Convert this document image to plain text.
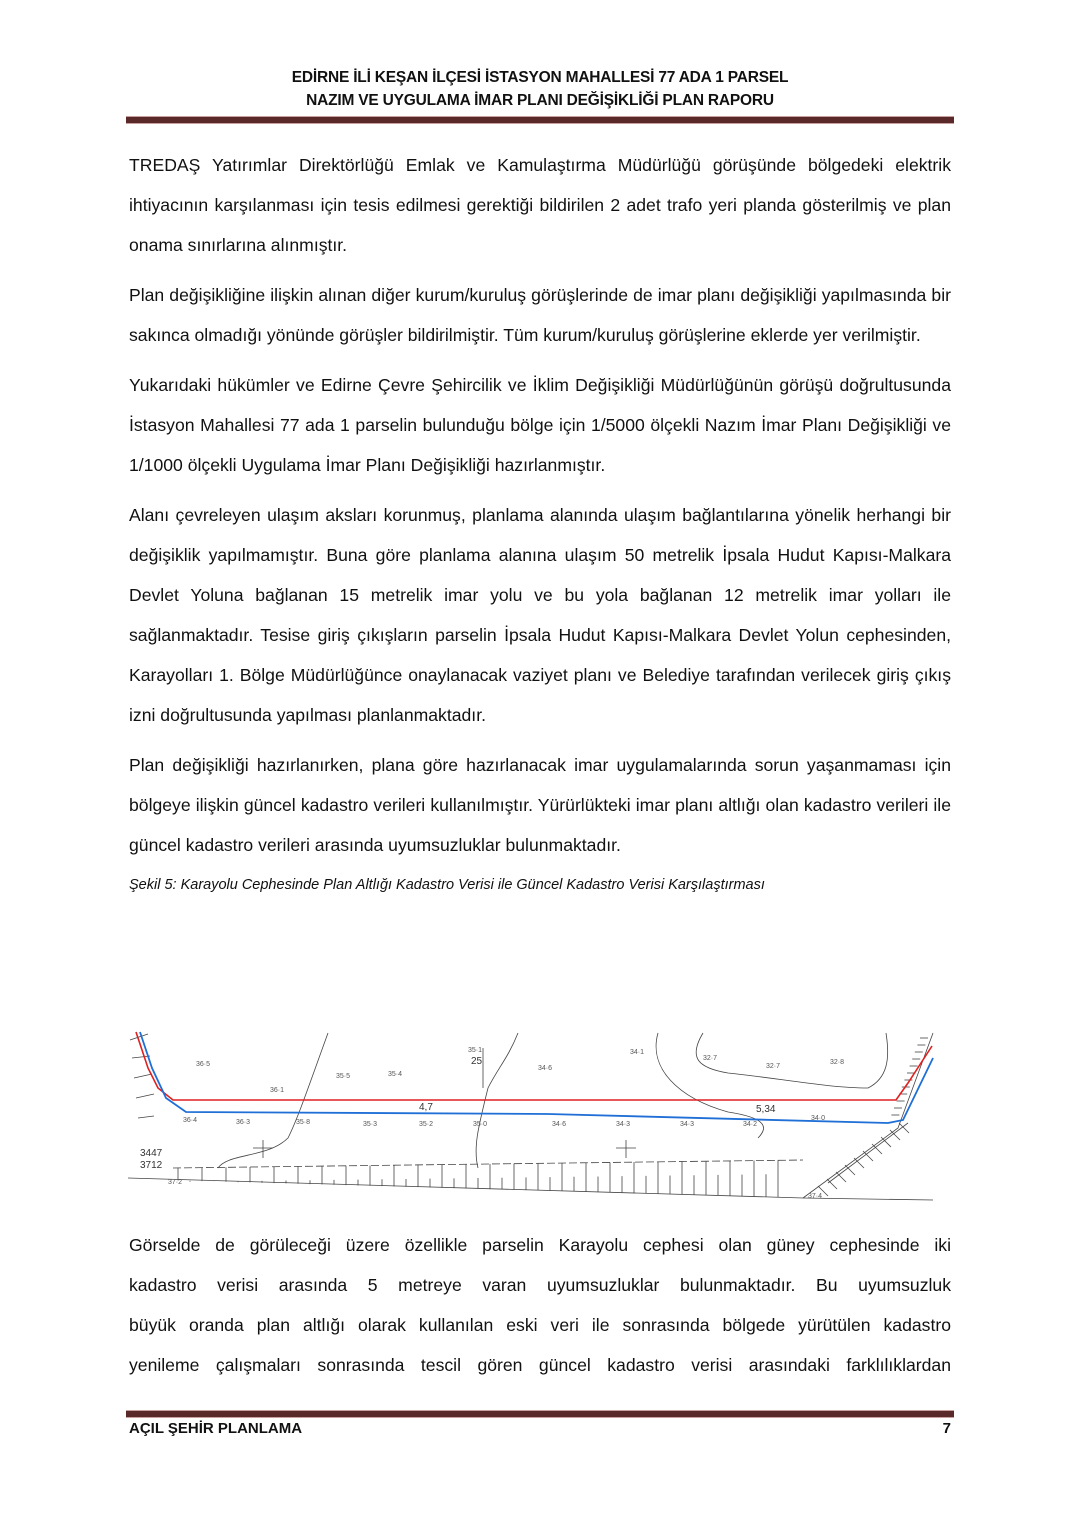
EDİRNE İLİ KEŞAN İLÇESİ İSTASYON MAHALLESİ 77 ADA 1 PARSEL
NAZIM VE UYGULAMA İMAR PLANI DEĞİŞİKLİĞİ PLAN RAPORU

TREDAŞ Yatırımlar Direktörlüğü Emlak ve Kamulaştırma Müdürlüğü görüşünde bölgedeki elektrik ihtiyacının karşılanması için tesis edilmesi gerektiği bildirilen 2 adet trafo yeri planda gösterilmiş ve plan onama sınırlarına alınmıştır.

Plan değişikliğine ilişkin alınan diğer kurum/kuruluş görüşlerinde de imar planı değişikliği yapılmasında bir sakınca olmadığı yönünde görüşler bildirilmiştir. Tüm kurum/kuruluş görüşlerine eklerde yer verilmiştir.

Yukarıdaki hükümler ve Edirne Çevre Şehircilik ve İklim Değişikliği Müdürlüğünün görüşü doğrultusunda İstasyon Mahallesi 77 ada 1 parselin bulunduğu bölge için 1/5000 ölçekli Nazım İmar Planı Değişikliği ve 1/1000 ölçekli Uygulama İmar Planı Değişikliği hazırlanmıştır.

Alanı çevreleyen ulaşım aksları korunmuş, planlama alanında ulaşım bağlantılarına yönelik herhangi bir değişiklik yapılmamıştır. Buna göre planlama alanına ulaşım 50 metrelik İpsala Hudut Kapısı-Malkara Devlet Yoluna bağlanan 15 metrelik imar yolu ve bu yola bağlanan 12 metrelik imar yolları ile sağlanmaktadır. Tesise giriş çıkışların parselin İpsala Hudut Kapısı-Malkara Devlet Yolun cephesinden, Karayolları 1. Bölge Müdürlüğünce onaylanacak vaziyet planı ve Belediye tarafından verilecek giriş çıkış izni doğrultusunda yapılması planlanmaktadır.

Plan değişikliği hazırlanırken, plana göre hazırlanacak imar uygulamalarında sorun yaşanmaması için bölgeye ilişkin güncel kadastro verileri kullanılmıştır. Yürürlükteki imar planı altlığı olan kadastro verileri ile güncel kadastro verileri arasında uyumsuzluklar bulunmaktadır.

Şekil 5: Karayolu Cephesinde Plan Altlığı Kadastro Verisi ile Güncel Kadastro Verisi Karşılaştırması

36·5
35·5	35·4
36·1
25
35·1
34·6
34·1
32·7
32·7
32·8
36·4	36·3	35·8	35·3	35·2	35·0	34·6	34·3	34·3	34·2
34·0
4,7	5,34
3447
3712
37·2
37·4

Görselde de görüleceği üzere özellikle parselin Karayolu cephesi olan güney cephesinde iki

kadastro verisi arasında 5 metreye varan uyumsuzluklar bulunmaktadır. Bu uyumsuzluk

büyük oranda plan altlığı olarak kullanılan eski veri ile sonrasında bölgede yürütülen kadastro

yenileme çalışmaları sonrasında tescil gören güncel kadastro verisi arasındaki farklılıklardan

AÇIL ŞEHİR PLANLAMA	7
